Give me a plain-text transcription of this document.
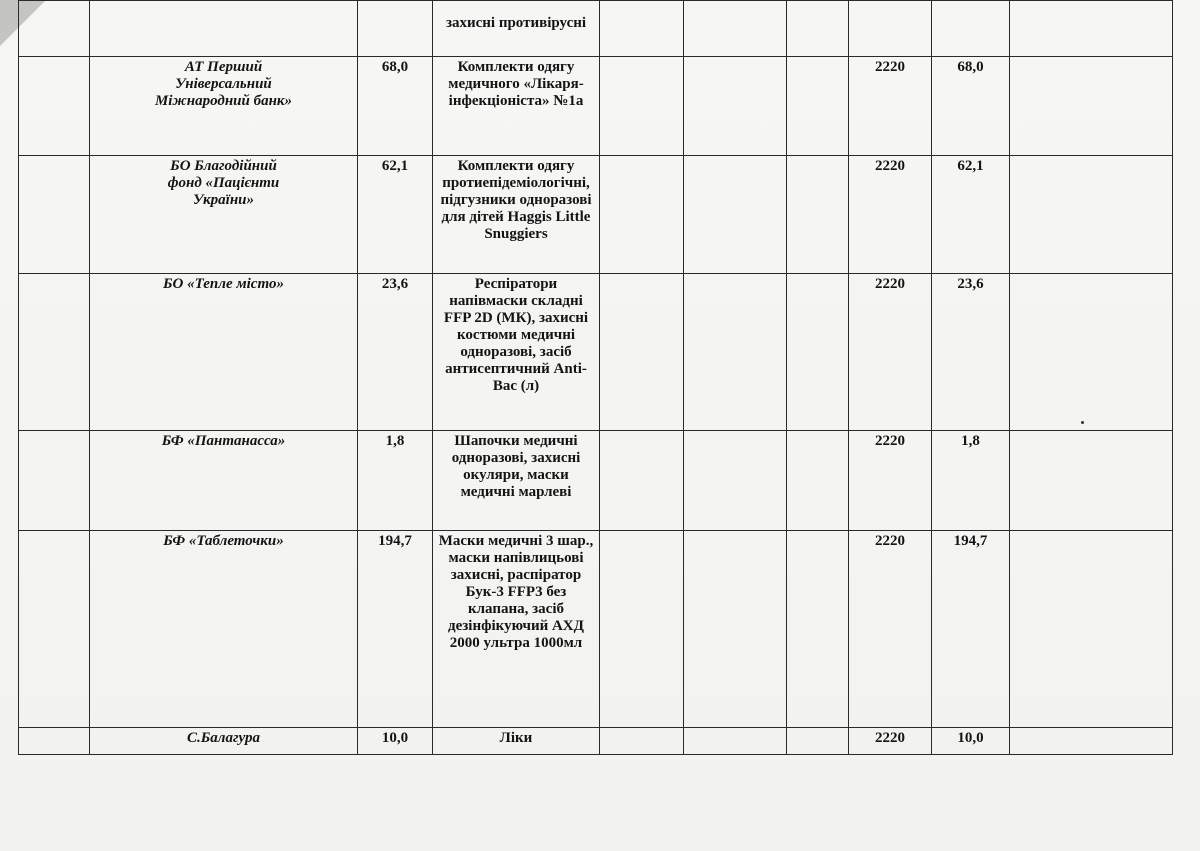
			захисні противірусні						

	АТ Перший Універсальний Міжнародний банк»	68,0	Комплекти одягу медичного «Лікаря-інфекціоніста» №1а				2220	68,0	

	БО Благодійний фонд «Пацієнти України»	62,1	Комплекти одягу протиепідеміологічні, підгузники одноразові для дітей Haggis Little Snuggiers				2220	62,1	

	БО «Тепле місто»	23,6	Респіратори напівмаски складні FFP 2D (МК), захисні костюми медичні одноразові, засіб антисептичний Anti-Bac (л)				2220	23,6	

	БФ «Пантанасса»	1,8	Шапочки медичні одноразові, захисні окуляри, маски медичні марлеві				2220	1,8	

	БФ «Таблеточки»	194,7	Маски медичні 3 шар., маски напівлицьові захисні, распіратор Бук-3 FFP3 без клапана, засіб дезінфікуючий АХД 2000 ультра 1000мл				2220	194,7	

	С.Балагура	10,0	Ліки				2220	10,0	
